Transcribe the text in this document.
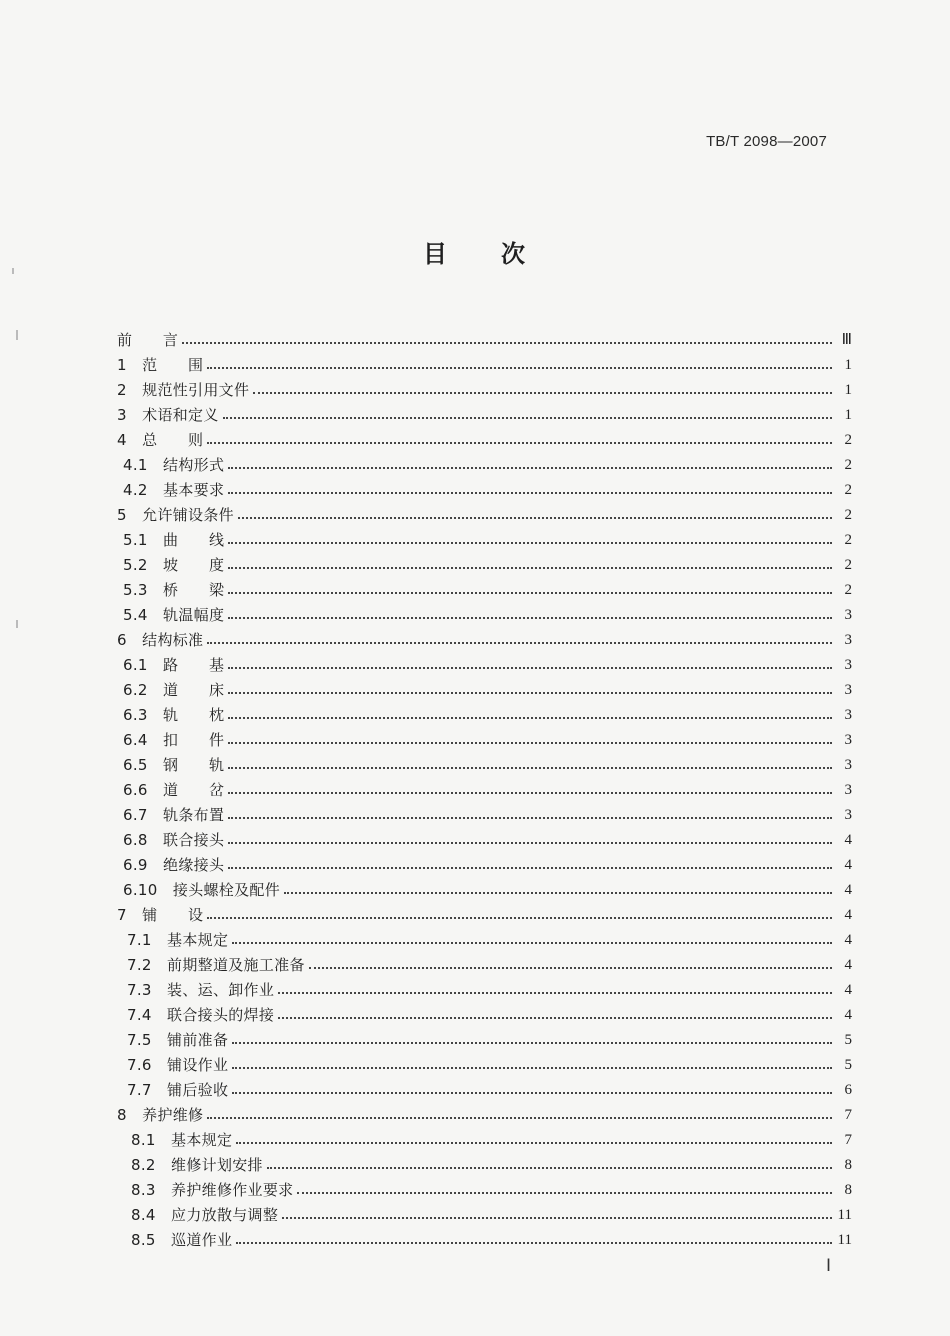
TB/T 2098—2007
目　　次
前　　言	Ⅲ
1　范　　围	1
2　规范性引用文件	1
3　术语和定义	1
4　总　　则	2
4.1　结构形式	2
4.2　基本要求	2
5　允许铺设条件	2
5.1　曲　　线	2
5.2　坡　　度	2
5.3　桥　　梁	2
5.4　轨温幅度	3
6　结构标准	3
6.1　路　　基	3
6.2　道　　床	3
6.3　轨　　枕	3
6.4　扣　　件	3
6.5　钢　　轨	3
6.6　道　　岔	3
6.7　轨条布置	3
6.8　联合接头	4
6.9　绝缘接头	4
6.10　接头螺栓及配件	4
7　铺　　设	4
7.1　基本规定	4
7.2　前期整道及施工准备	4
7.3　装、运、卸作业	4
7.4　联合接头的焊接	4
7.5　铺前准备	5
7.6　铺设作业	5
7.7　铺后验收	6
8　养护维修	7
8.1　基本规定	7
8.2　维修计划安排	8
8.3　养护维修作业要求	8
8.4　应力放散与调整	11
8.5　巡道作业	11
Ⅰ
